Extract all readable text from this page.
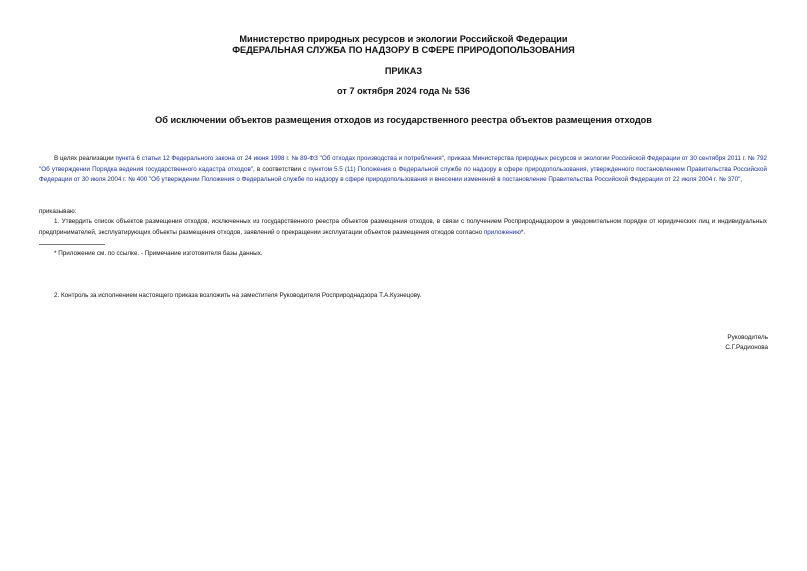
Министерство природных ресурсов и экологии Российской Федерации
ФЕДЕРАЛЬНАЯ СЛУЖБА ПО НАДЗОРУ В СФЕРЕ ПРИРОДОПОЛЬЗОВАНИЯ
ПРИКАЗ
от 7 октября 2024 года № 536
Об исключении объектов размещения отходов из государственного реестра объектов размещения отходов
В целях реализации пункта 6 статьи 12 Федерального закона от 24 июня 1998 г. № 89-ФЗ "Об отходах производства и потребления", приказа Министерства природных ресурсов и экологии Российской Федерации от 30 сентября 2011 г. № 792 "Об утверждении Порядка ведения государственного кадастра отходов", в соответствии с пунктом 5.5 (11) Положения о Федеральной службе по надзору в сфере природопользования, утвержденного постановлением Правительства Российской Федерации от 30 июля 2004 г. № 400 "Об утверждении Положения о Федеральной службе по надзору в сфере природопользования и внесении изменений в постановление Правительства Российской Федерации от 22 июля 2004 г. № 370",
приказываю:
1. Утвердить список объектов размещения отходов, исключенных из государственного реестра объектов размещения отходов, в связи с получением Росприроднадзором в уведомительном порядке от юридических лиц и индивидуальных предпринимателей, эксплуатирующих объекты размещения отходов, заявлений о прекращении эксплуатации объектов размещения отходов согласно приложению*.
* Приложение см. по ссылке. - Примечание изготовителя базы данных.
2. Контроль за исполнением настоящего приказа возложить на заместителя Руководителя Росприроднадзора Т.А.Кузнецову.
Руководитель
С.Г.Радионова
